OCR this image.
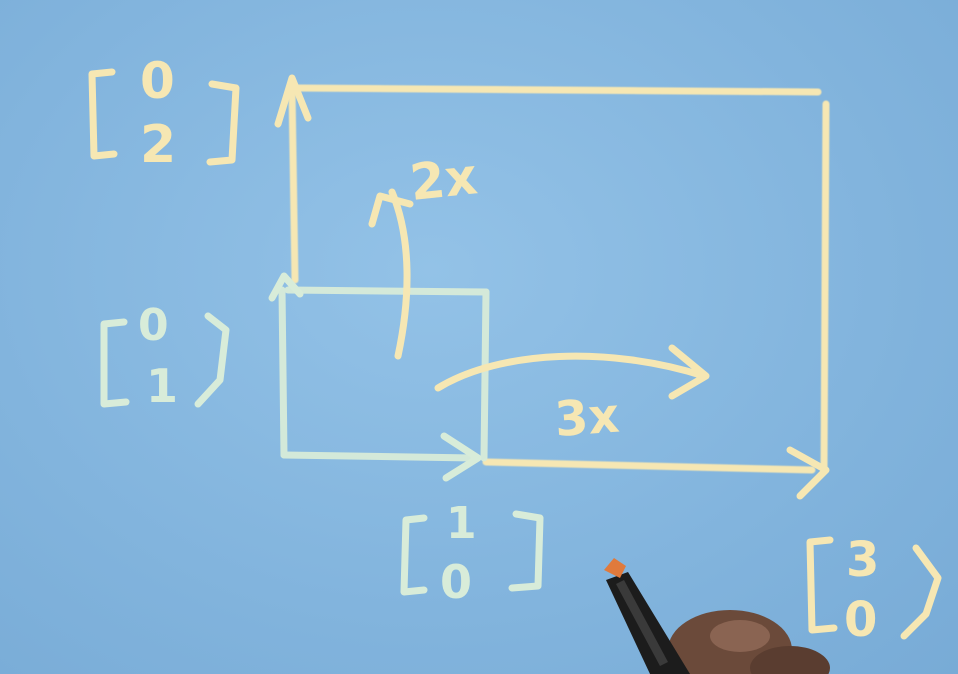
2x
3x
0
2
0
1
1
0	3
0
